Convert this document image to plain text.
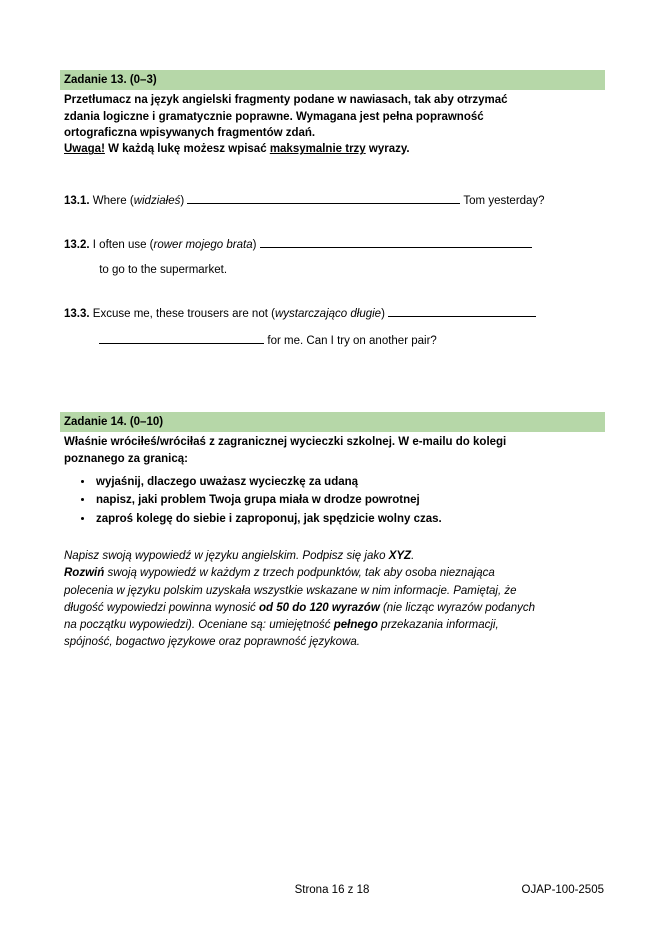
Zadanie 13. (0–3)
Przetłumacz na język angielski fragmenty podane w nawiasach, tak aby otrzymać
zdania logiczne i gramatycznie poprawne. Wymagana jest pełna poprawność
ortograficzna wpisywanych fragmentów zdań.
Uwaga! W każdą lukę możesz wpisać maksymalnie trzy wyrazy.
13.1. Where (widziałeś)	Tom yesterday?
13.2. I often use (rower mojego brata)
to go to the supermarket.
13.3. Excuse me, these trousers are not (wystarczająco długie)
for me. Can I try on another pair?
Zadanie 14. (0–10)
Właśnie wróciłeś/wróciłaś z zagranicznej wycieczki szkolnej. W e-mailu do kolegi
poznanego za granicą:
• wyjaśnij, dlaczego uważasz wycieczkę za udaną
• napisz, jaki problem Twoja grupa miała w drodze powrotnej
• zaproś kolegę do siebie i zaproponuj, jak spędzicie wolny czas.
Napisz swoją wypowiedź w języku angielskim. Podpisz się jako XYZ.
Rozwiń swoją wypowiedź w każdym z trzech podpunktów, tak aby osoba nieznająca
polecenia w języku polskim uzyskała wszystkie wskazane w nim informacje. Pamiętaj, że
długość wypowiedzi powinna wynosić od 50 do 120 wyrazów (nie licząc wyrazów podanych
na początku wypowiedzi). Oceniane są: umiejętność pełnego przekazania informacji,
spójność, bogactwo językowe oraz poprawność językowa.
Strona 16 z 18	OJAP-100-2505
